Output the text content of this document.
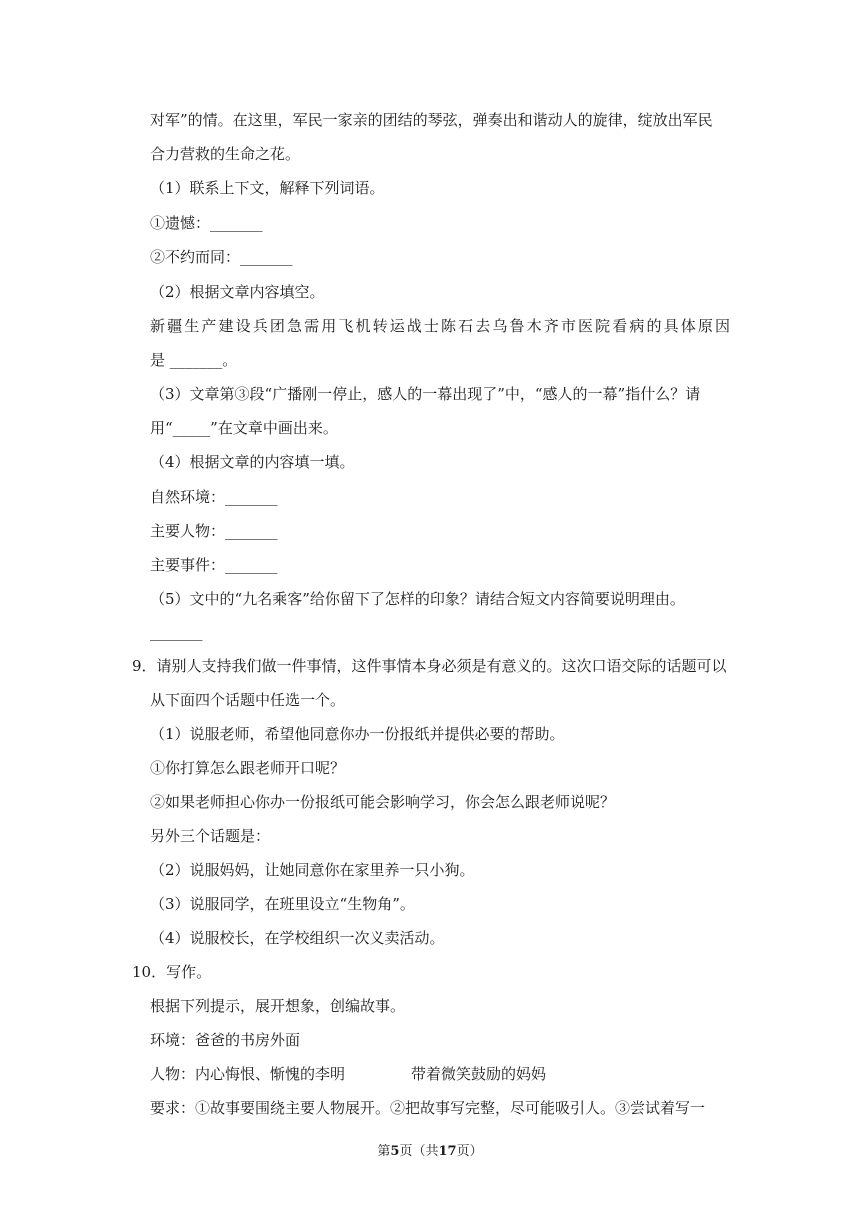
对军”的情。在这里，军民一家亲的团结的琴弦，弹奏出和谐动人的旋律，绽放出军民
合力营救的生命之花。
（1）联系上下文，解释下列词语。
①遗憾：_______
②不约而同：_______
（2）根据文章内容填空。
新疆生产建设兵团急需用飞机转运战士陈石去乌鲁木齐市医院看病的具体原因
是 _______。
（3）文章第③段“广播刚一停止，感人的一幕出现了”中，“感人的一幕”指什么？请
用“_____”在文章中画出来。
（4）根据文章的内容填一填。
自然环境：_______
主要人物：_______
主要事件：_______
（5）文中的“九名乘客”给你留下了怎样的印象？请结合短文内容简要说明理由。
_______
9．请别人支持我们做一件事情，这件事情本身必须是有意义的。这次口语交际的话题可以
从下面四个话题中任选一个。
（1）说服老师，希望他同意你办一份报纸并提供必要的帮助。
①你打算怎么跟老师开口呢？
②如果老师担心你办一份报纸可能会影响学习，你会怎么跟老师说呢？
另外三个话题是：
（2）说服妈妈，让她同意你在家里养一只小狗。
（3）说服同学，在班里设立“生物角”。
（4）说服校长，在学校组织一次义卖活动。
10．写作。
根据下列提示，展开想象，创编故事。
环境：爸爸的书房外面
人物：内心悔恨、惭愧的李明	带着微笑鼓励的妈妈
要求：①故事要围绕主要人物展开。②把故事写完整，尽可能吸引人。③尝试着写一
第5页（共17页）
